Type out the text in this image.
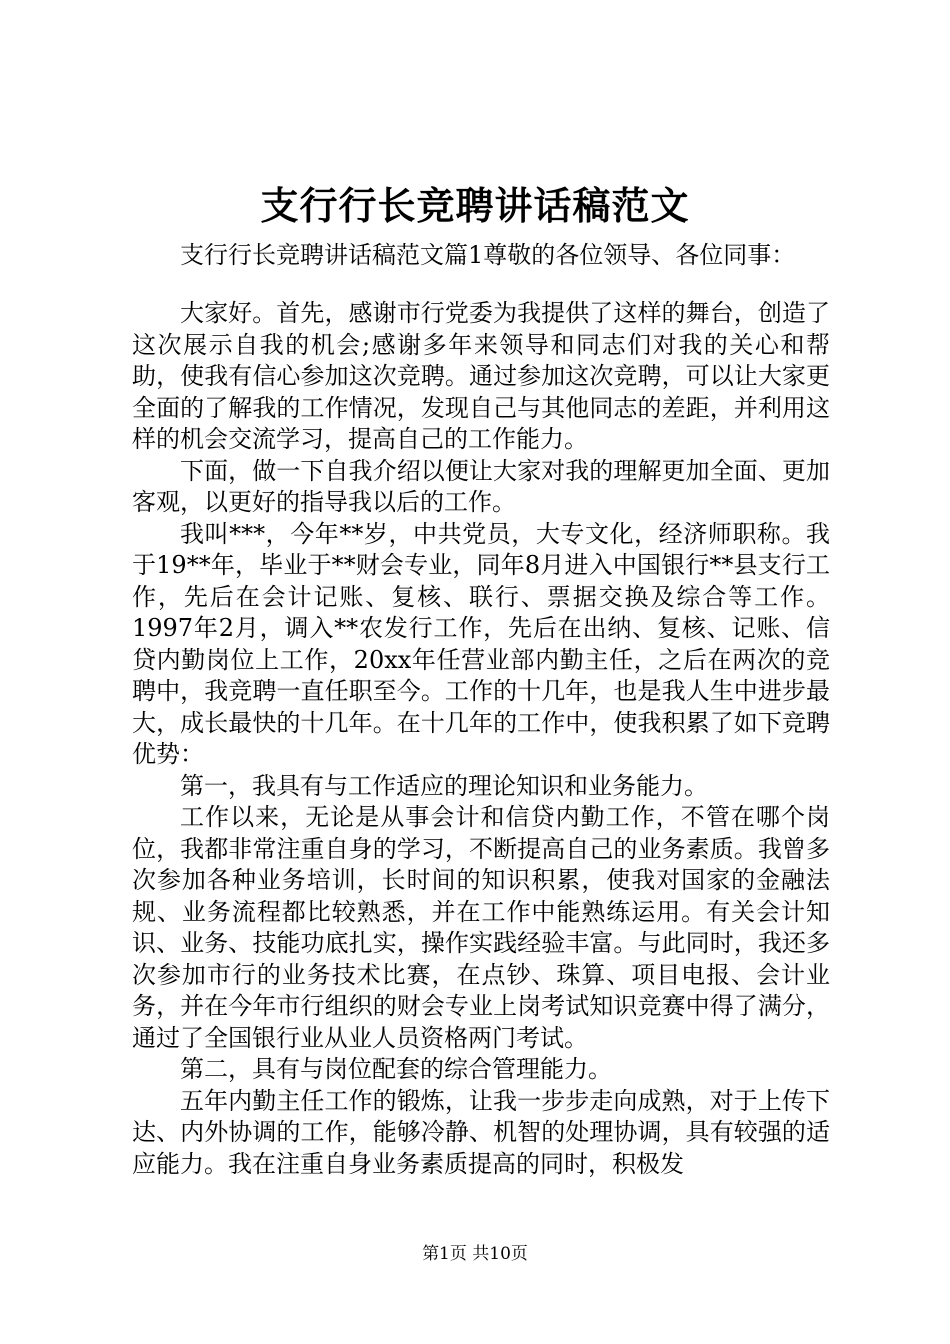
支行行长竞聘讲话稿范文
支行行长竞聘讲话稿范文篇1尊敬的各位领导、各位同事：

大家好。首先，感谢市行党委为我提供了这样的舞台，创造了这次展示自我的机会;感谢多年来领导和同志们对我的关心和帮助，使我有信心参加这次竞聘。通过参加这次竞聘，可以让大家更全面的了解我的工作情况，发现自己与其他同志的差距，并利用这样的机会交流学习，提高自己的工作能力。

下面，做一下自我介绍以便让大家对我的理解更加全面、更加客观，以更好的指导我以后的工作。

我叫***，今年**岁，中共党员，大专文化，经济师职称。我于19**年，毕业于**财会专业，同年8月进入中国银行**县支行工作，先后在会计记账、复核、联行、票据交换及综合等工作。1997年2月，调入**农发行工作，先后在出纳、复核、记账、信贷内勤岗位上工作，20xx年任营业部内勤主任，之后在两次的竞聘中，我竞聘一直任职至今。工作的十几年，也是我人生中进步最大，成长最快的十几年。在十几年的工作中，使我积累了如下竞聘优势：

第一，我具有与工作适应的理论知识和业务能力。

工作以来，无论是从事会计和信贷内勤工作，不管在哪个岗位，我都非常注重自身的学习，不断提高自己的业务素质。我曾多次参加各种业务培训，长时间的知识积累，使我对国家的金融法规、业务流程都比较熟悉，并在工作中能熟练运用。有关会计知识、业务、技能功底扎实，操作实践经验丰富。与此同时，我还多次参加市行的业务技术比赛，在点钞、珠算、项目电报、会计业务，并在今年市行组织的财会专业上岗考试知识竞赛中得了满分，通过了全国银行业从业人员资格两门考试。

第二，具有与岗位配套的综合管理能力。

五年内勤主任工作的锻炼，让我一步步走向成熟，对于上传下达、内外协调的工作，能够冷静、机智的处理协调，具有较强的适应能力。我在注重自身业务素质提高的同时，积极发

第1页 共10页
